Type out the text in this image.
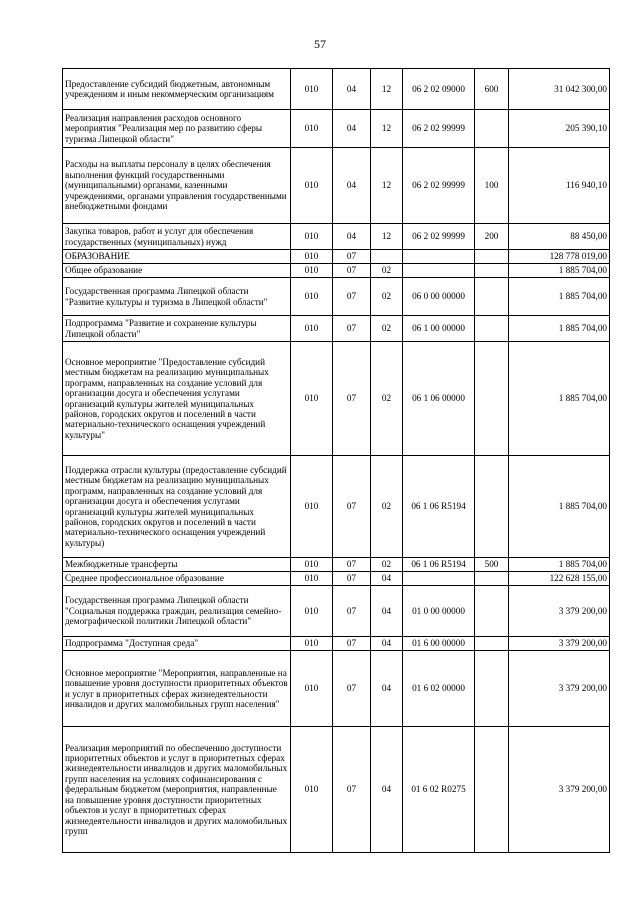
57
Предоставление субсидий бюджетным, автономным учреждениям и иным некоммерческим организациям	010	04	12	06 2 02 09000	600	31 042 300,00
Реализация направления расходов основного мероприятия "Реализация мер по развитию сферы туризма Липецкой области"	010	04	12	06 2 02 99999		205 390,10
Расходы на выплаты персоналу в целях обеспечения выполнения функций государственными (муниципальными) органами, казенными учреждениями, органами управления государственными внебюджетными фондами	010	04	12	06 2 02 99999	100	116 940,10
Закупка товаров, работ и услуг для обеспечения государственных (муниципальных) нужд	010	04	12	06 2 02 99999	200	88 450,00
ОБРАЗОВАНИЕ	010	07				128 778 019,00
Общее образование	010	07	02			1 885 704,00
Государственная программа Липецкой области "Развитие культуры и туризма в Липецкой области"	010	07	02	06 0 00 00000		1 885 704,00
Подпрограмма "Развитие и сохранение культуры Липецкой области"	010	07	02	06 1 00 00000		1 885 704,00
Основное мероприятие "Предоставление субсидий местным бюджетам на реализацию муниципальных программ, направленных на создание условий для организации досуга и обеспечения услугами организаций культуры жителей муниципальных районов, городских округов и поселений в части материально-технического оснащения учреждений культуры"	010	07	02	06 1 06 00000		1 885 704,00
Поддержка отрасли культуры (предоставление субсидий местным бюджетам на реализацию муниципальных программ, направленных на создание условий для организации досуга и обеспечения услугами организаций культуры жителей муниципальных районов, городских округов и поселений в части материально-технического оснащения учреждений культуры)	010	07	02	06 1 06 R5194		1 885 704,00
Межбюджетные трансферты	010	07	02	06 1 06 R5194	500	1 885 704,00
Среднее профессиональное образование	010	07	04			122 628 155,00
Государственная программа Липецкой области "Социальная поддержка граждан, реализация семейно-демографической политики Липецкой области"	010	07	04	01 0 00 00000		3 379 200,00
Подпрограмма "Доступная среда"	010	07	04	01 6 00 00000		3 379 200,00
Основное мероприятие "Мероприятия, направленные на повышение уровня доступности приоритетных объектов и услуг в приоритетных сферах жизнедеятельности инвалидов и других маломобильных групп населения"	010	07	04	01 6 02 00000		3 379 200,00
Реализация мероприятий по обеспечению доступности приоритетных объектов и услуг в приоритетных сферах жизнедеятельности инвалидов и других маломобильных групп населения на условиях софинансирования с федеральным бюджетом (мероприятия, направленные на повышение уровня доступности приоритетных объектов и услуг в приоритетных сферах жизнедеятельности инвалидов и других маломобильных групп	010	07	04	01 6 02 R0275		3 379 200,00
